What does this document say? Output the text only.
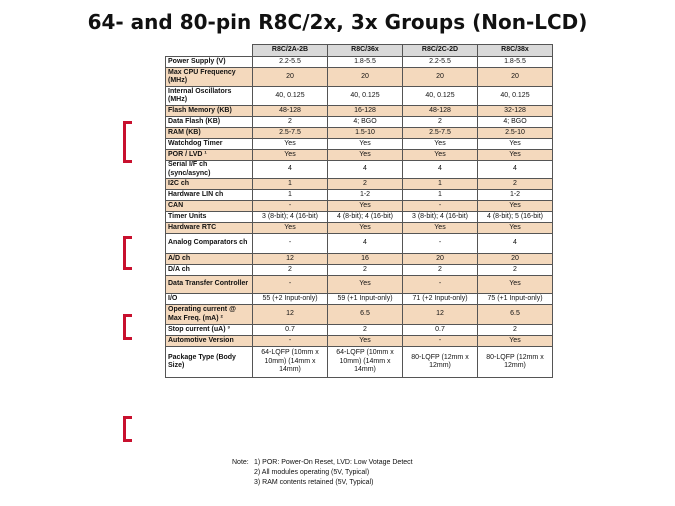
64- and 80-pin R8C/2x, 3x Groups (Non-LCD)
	R8C/2A-2B	R8C/36x	R8C/2C-2D	R8C/38x
Power Supply (V)	2.2-5.5	1.8-5.5	2.2-5.5	1.8-5.5
Max CPU Frequency (MHz)	20	20	20	20
Internal Oscillators (MHz)	40, 0.125	40, 0.125	40, 0.125	40, 0.125
Flash Memory (KB)	48-128	16-128	48-128	32-128
Data Flash (KB)	2	4; BGO	2	4; BGO
RAM (KB)	2.5-7.5	1.5-10	2.5-7.5	2.5-10
Watchdog Timer	Yes	Yes	Yes	Yes
POR / LVD ¹	Yes	Yes	Yes	Yes
Serial I/F ch (sync/async)	4	4	4	4
I2C ch	1	2	1	2
Hardware LIN ch	1	1-2	1	1-2
CAN	-	Yes	-	Yes
Timer Units	3 (8-bit); 4 (16-bit)	4 (8-bit); 4 (16-bit)	3 (8-bit); 4 (16-bit)	4 (8-bit); 5 (16-bit)
Hardware RTC	Yes	Yes	Yes	Yes
Analog Comparators ch	-	4	-	4
A/D ch	12	16	20	20
D/A ch	2	2	2	2
Data Transfer Controller	-	Yes	-	Yes
I/O	55 (+2 Input-only)	59 (+1 Input-only)	71 (+2 Input-only)	75 (+1 Input-only)
Operating current @ Max Freq. (mA) ²	12	6.5	12	6.5
Stop current (uA) ³	0.7	2	0.7	2
Automotive Version	-	Yes	-	Yes
Package Type (Body Size)	64-LQFP (10mm x 10mm) (14mm x 14mm)	64-LQFP (10mm x 10mm) (14mm x 14mm)	80-LQFP (12mm x 12mm)	80-LQFP (12mm x 12mm)
Note: 1) POR: Power-On Reset, LVD: Low Votage Detect
2) All modules operating (5V, Typical)
3) RAM contents retained (5V, Typical)
